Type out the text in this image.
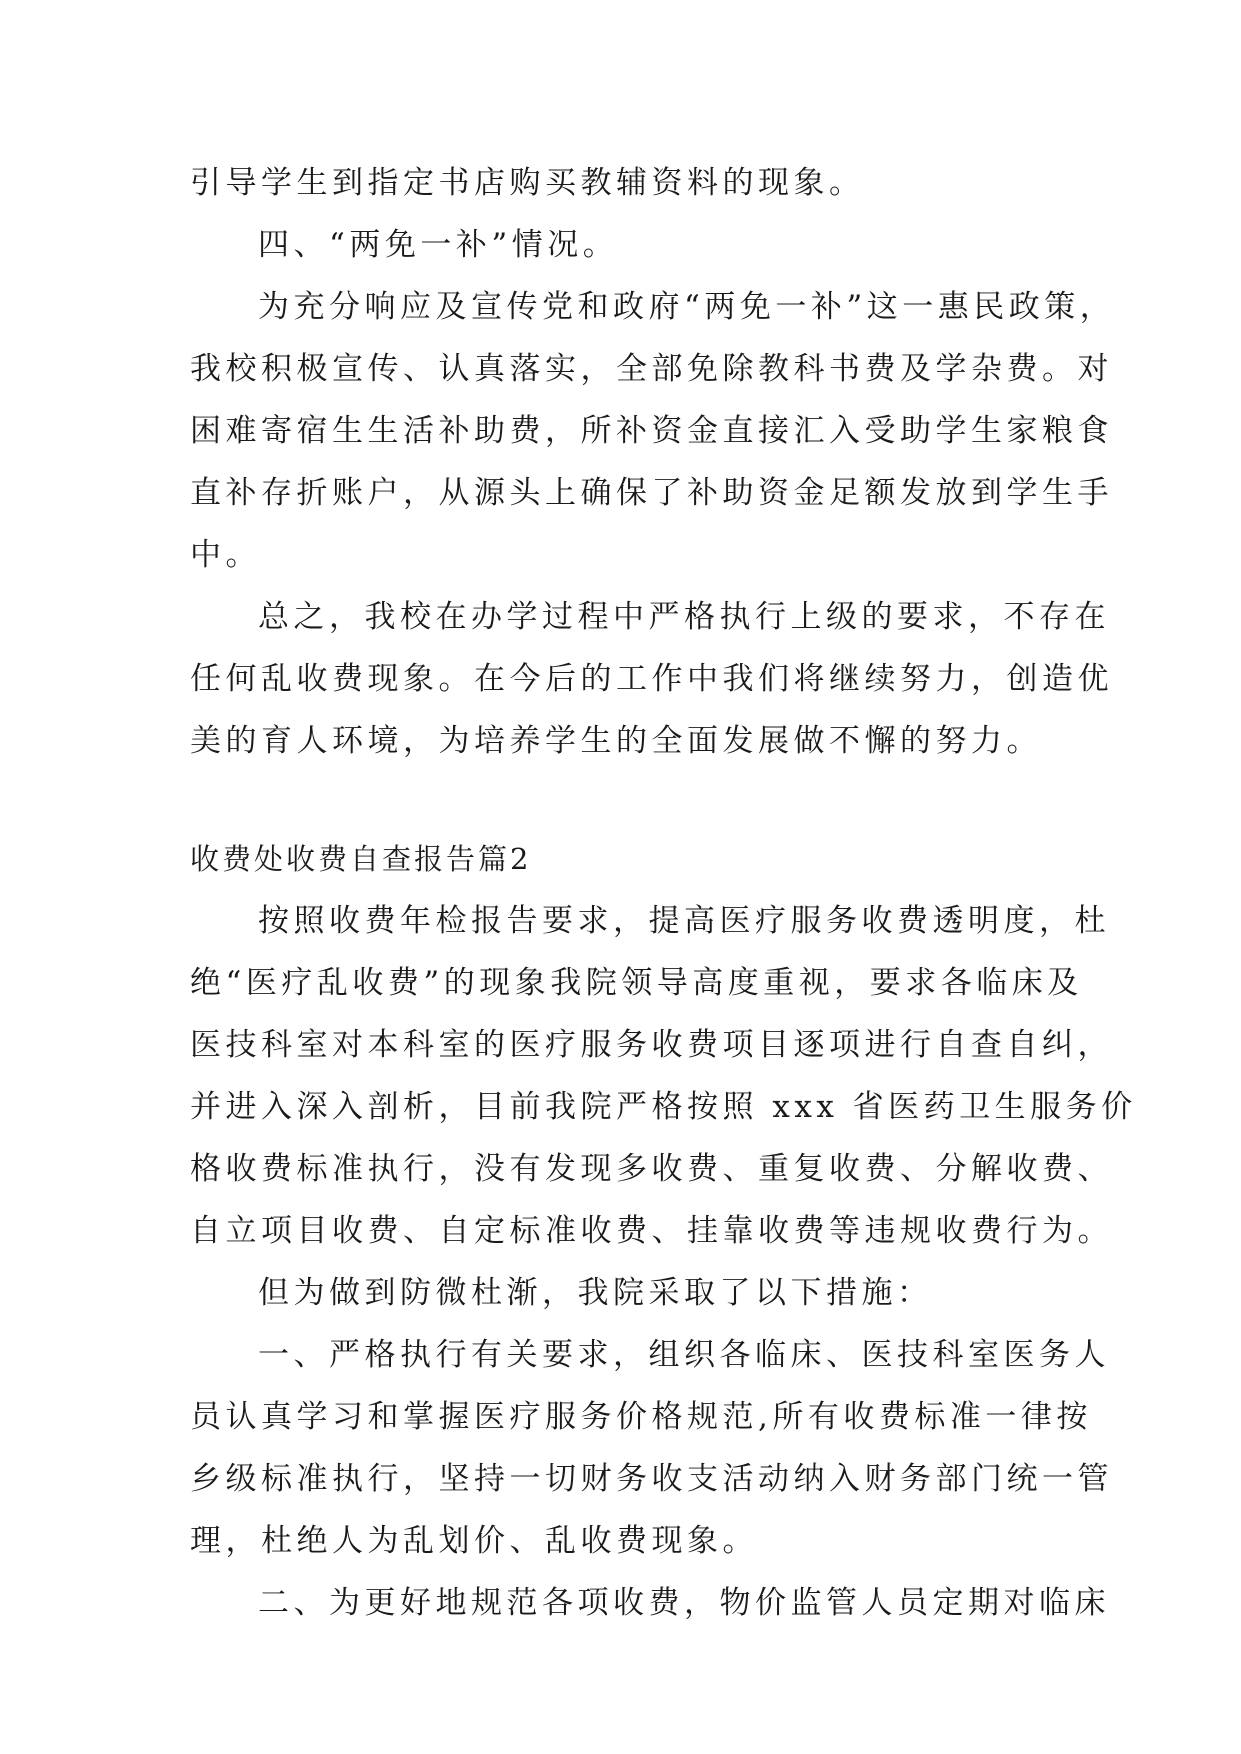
引导学生到指定书店购买教辅资料的现象。
四、“两免一补”情况。
为充分响应及宣传党和政府“两免一补”这一惠民政策，
我校积极宣传、认真落实，全部免除教科书费及学杂费。对
困难寄宿生生活补助费，所补资金直接汇入受助学生家粮食
直补存折账户，从源头上确保了补助资金足额发放到学生手
中。
总之，我校在办学过程中严格执行上级的要求，不存在
任何乱收费现象。在今后的工作中我们将继续努力，创造优
美的育人环境，为培养学生的全面发展做不懈的努力。
收费处收费自查报告篇2
按照收费年检报告要求，提高医疗服务收费透明度，杜
绝“医疗乱收费”的现象我院领导高度重视，要求各临床及
医技科室对本科室的医疗服务收费项目逐项进行自查自纠，
并进入深入剖析，目前我院严格按照 xxx 省医药卫生服务价
格收费标准执行，没有发现多收费、重复收费、分解收费、
自立项目收费、自定标准收费、挂靠收费等违规收费行为。
但为做到防微杜渐，我院采取了以下措施：
一、严格执行有关要求，组织各临床、医技科室医务人
员认真学习和掌握医疗服务价格规范,所有收费标准一律按
乡级标准执行，坚持一切财务收支活动纳入财务部门统一管
理，杜绝人为乱划价、乱收费现象。
二、为更好地规范各项收费，物价监管人员定期对临床
